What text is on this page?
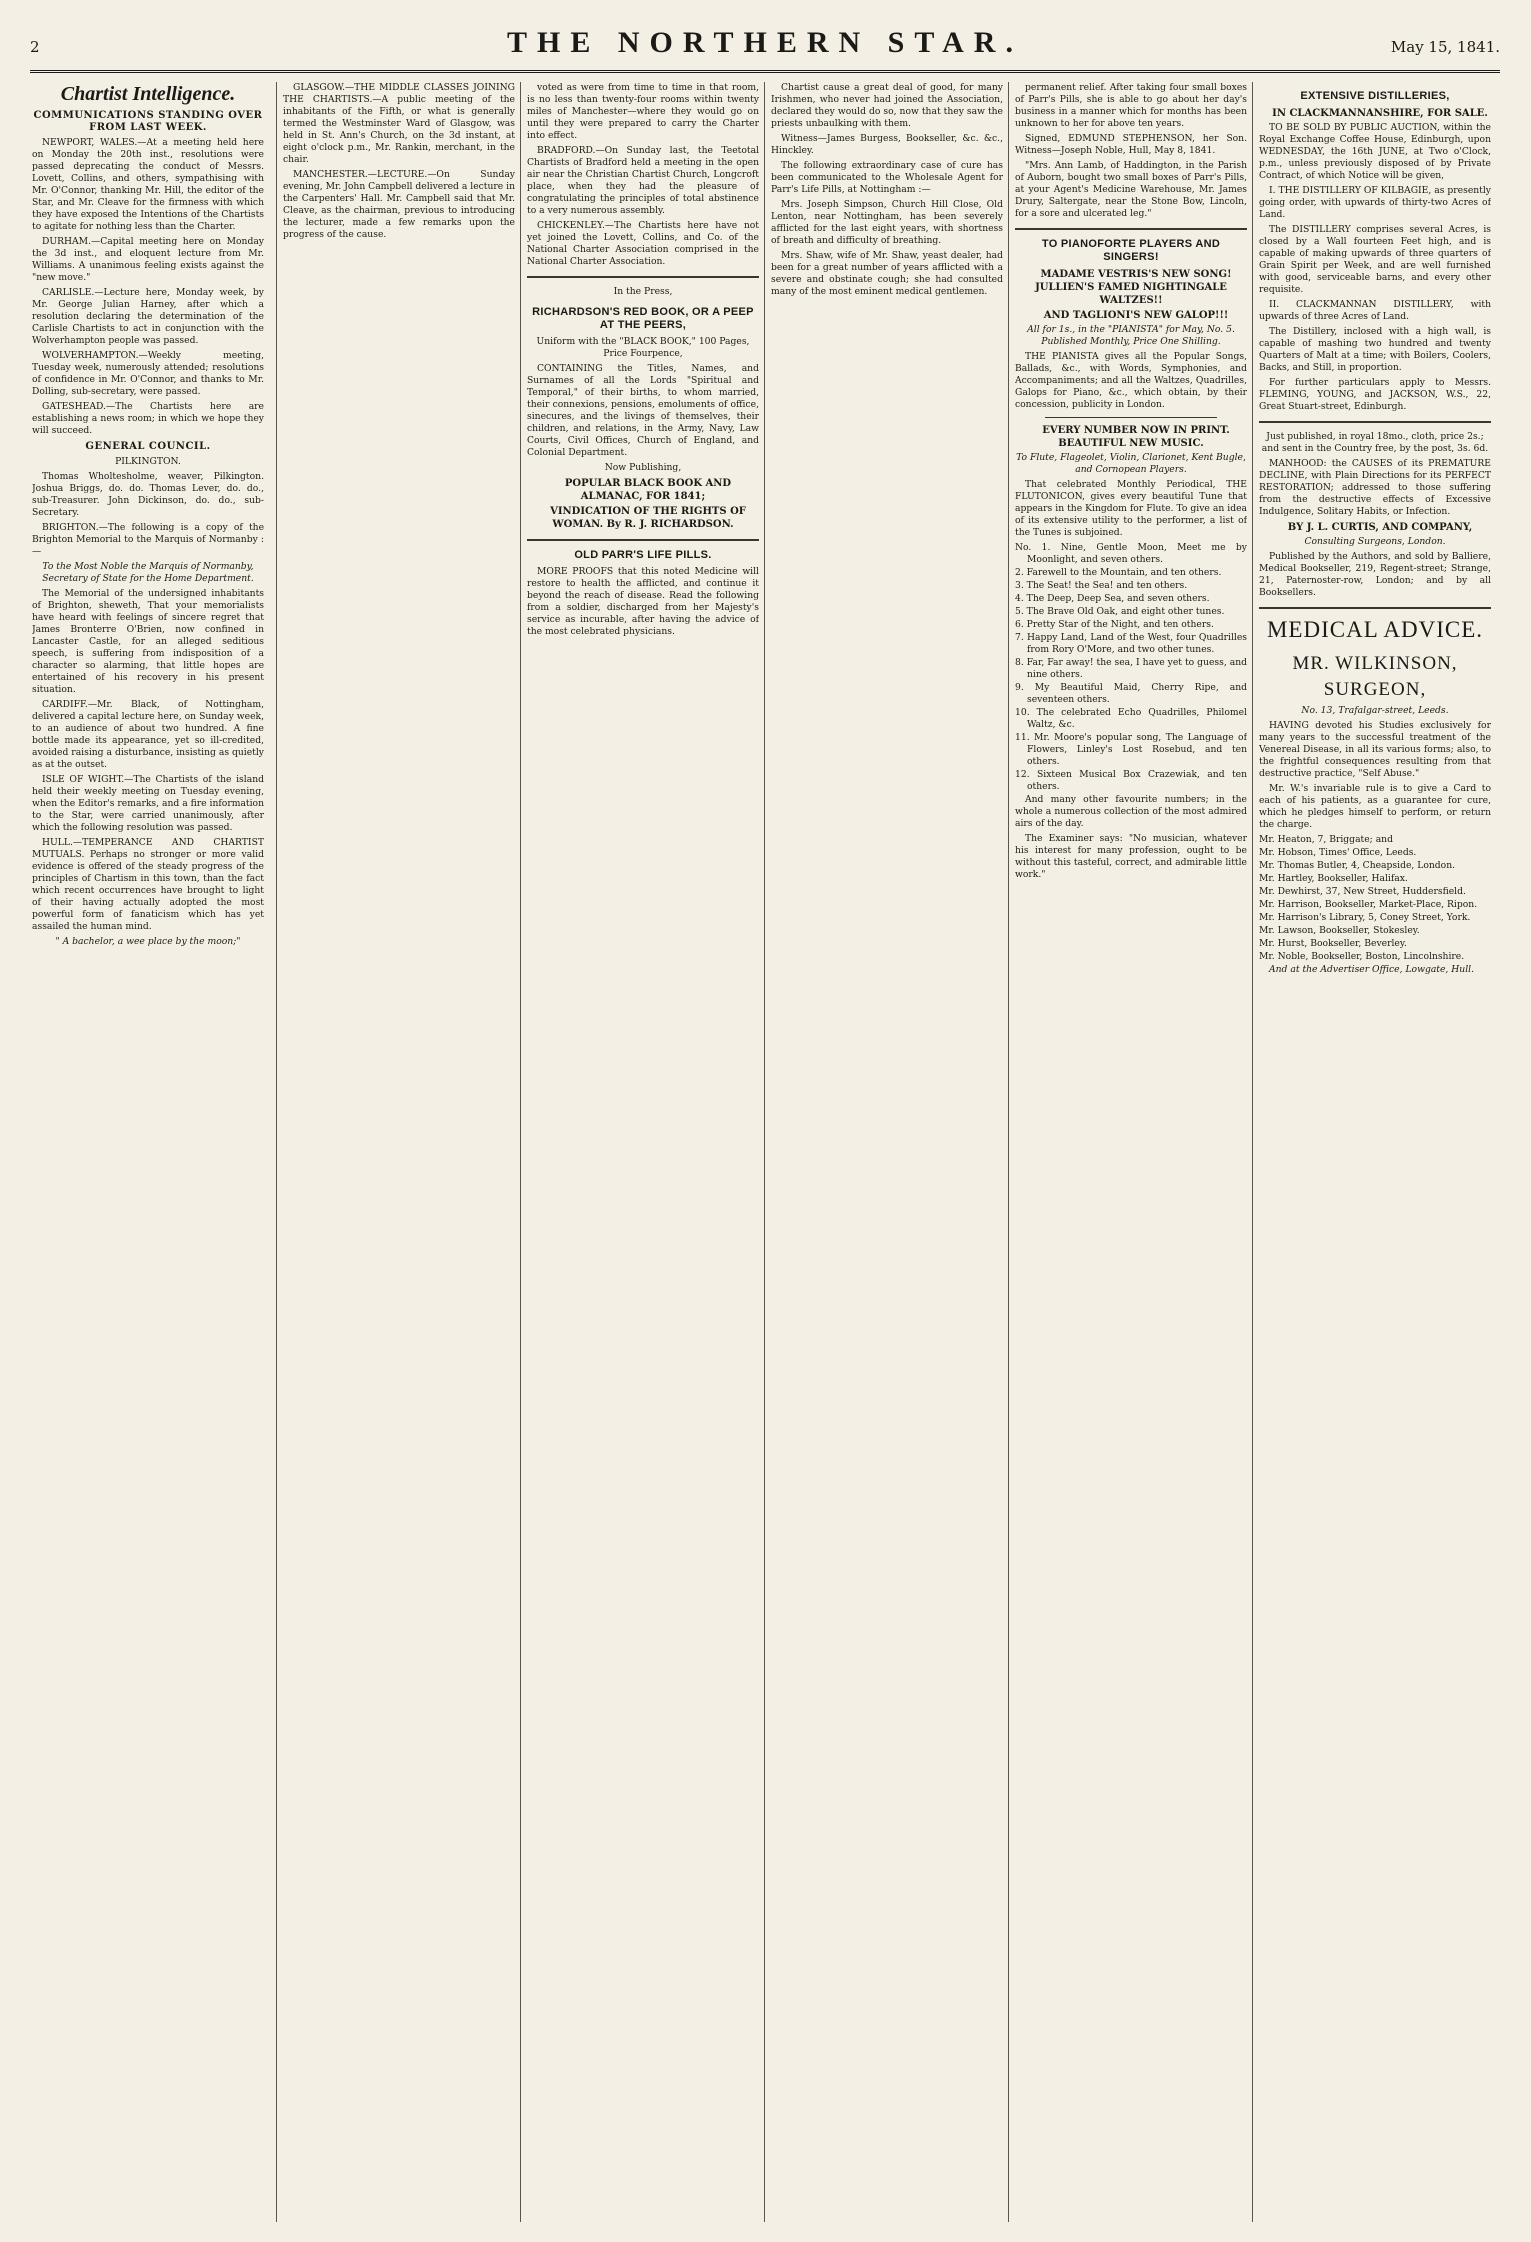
2	THE NORTHERN STAR.	May 15, 1841.
Chartist Intelligence.
COMMUNICATIONS STANDING OVER FROM LAST WEEK.

NEWPORT, WALES.—At a meeting held here on Monday the 20th inst., resolutions were passed deprecating the conduct of Messrs. Lovett, Collins, and others, sympathising with Mr. O'Connor, thanking Mr. Hill, the editor of the Star, and Mr. Cleave for the firmness with which they have exposed the Intentions of the Chartists to agitate for nothing less than the Charter.

DURHAM.—Capital meeting here on Monday the 3d inst., and eloquent lecture from Mr. Williams. A unanimous feeling exists against the "new move."

CARLISLE.—Lecture here, Monday week, by Mr. George Julian Harney, after which a resolution declaring the determination of the Carlisle Chartists to act in conjunction with the Wolverhampton people was passed.

WOLVERHAMPTON.—Weekly meeting, Tuesday week, numerously attended; resolutions of confidence in Mr. O'Connor, and thanks to Mr. Dolling, sub-secretary, were passed.

GATESHEAD.—The Chartists here are establishing a news room; in which we hope they will succeed.

GENERAL COUNCIL.

PILKINGTON.

Thomas Wholtesholme, weaver, Pilkington. Joshua Briggs, do. do. Thomas Lever, do. do., sub-Treasurer. John Dickinson, do. do., sub-Secretary.

BRIGHTON.—The following is a copy of the Brighton Memorial to the Marquis of Normanby :—

To the Most Noble the Marquis of Normanby, Secretary of State for the Home Department.

The Memorial of the undersigned inhabitants of Brighton, sheweth, That your memorialists have heard with feelings of sincere regret that James Bronterre O'Brien, now confined in Lancaster Castle, for an alleged seditious speech, is suffering from indisposition of a character so alarming, that little hopes are entertained of his recovery in his present situation.

CARDIFF.—Mr. Black, of Nottingham, delivered a capital lecture here, on Sunday week, to an audience of about two hundred. A fine bottle made its appearance, yet so ill-credited, avoided raising a disturbance, insisting as quietly as at the outset.

ISLE OF WIGHT.—The Chartists of the island held their weekly meeting on Tuesday evening, when the Editor's remarks, and a fire information to the Star, were carried unanimously, after which the following resolution was passed.

HULL.—TEMPERANCE AND CHARTIST MUTUALS. Perhaps no stronger or more valid evidence is offered of the steady progress of the principles of Chartism in this town, than the fact which recent occurrences have brought to light of their having actually adopted the most powerful form of fanaticism which has yet assailed the human mind.

" A bachelor, a wee place by the moon;"

GLASGOW.—THE MIDDLE CLASSES JOINING THE CHARTISTS.—A public meeting of the inhabitants of the Fifth, or what is generally termed the Westminster Ward of Glasgow, was held in St. Ann's Church, on the 3d instant, at eight o'clock p.m., Mr. Rankin, merchant, in the chair.

MANCHESTER.—LECTURE.—On Sunday evening, Mr. John Campbell delivered a lecture in the Carpenters' Hall. Mr. Campbell said that Mr. Cleave, as the chairman, previous to introducing the lecturer, made a few remarks upon the progress of the cause.

voted as were from time to time in that room, is no less than twenty-four rooms within twenty miles of Manchester—where they would go on until they were prepared to carry the Charter into effect.

BRADFORD.—On Sunday last, the Teetotal Chartists of Bradford held a meeting in the open air near the Christian Chartist Church, Longcroft place, when they had the pleasure of congratulating the principles of total abstinence to a very numerous assembly.

CHICKENLEY.—The Chartists here have not yet joined the Lovett, Collins, and Co. of the National Charter Association comprised in the National Charter Association.

In the Press,

RICHARDSON'S RED BOOK, OR A PEEP AT THE PEERS,

Uniform with the "BLACK BOOK," 100 Pages, Price Fourpence,

CONTAINING the Titles, Names, and Surnames of all the Lords "Spiritual and Temporal," of their births, to whom married, their connexions, pensions, emoluments of office, sinecures, and the livings of themselves, their children, and relations, in the Army, Navy, Law Courts, Civil Offices, Church of England, and Colonial Department.

Now Publishing,

POPULAR BLACK BOOK AND ALMANAC, FOR 1841;

VINDICATION OF THE RIGHTS OF WOMAN. By R. J. RICHARDSON.

OLD PARR'S LIFE PILLS.

MORE PROOFS that this noted Medicine will restore to health the afflicted, and continue it beyond the reach of disease. Read the following from a soldier, discharged from her Majesty's service as incurable, after having the advice of the most celebrated physicians.

Chartist cause a great deal of good, for many Irishmen, who never had joined the Association, declared they would do so, now that they saw the priests unbaulking with them.

Witness—James Burgess, Bookseller, &c. &c., Hinckley.

The following extraordinary case of cure has been communicated to the Wholesale Agent for Parr's Life Pills, at Nottingham :—

Mrs. Joseph Simpson, Church Hill Close, Old Lenton, near Nottingham, has been severely afflicted for the last eight years, with shortness of breath and difficulty of breathing.

Mrs. Shaw, wife of Mr. Shaw, yeast dealer, had been for a great number of years afflicted with a severe and obstinate cough; she had consulted many of the most eminent medical gentlemen.

permanent relief. After taking four small boxes of Parr's Pills, she is able to go about her day's business in a manner which for months has been unknown to her for above ten years.

Signed, EDMUND STEPHENSON, her Son. Witness—Joseph Noble, Hull, May 8, 1841.

"Mrs. Ann Lamb, of Haddington, in the Parish of Auborn, bought two small boxes of Parr's Pills, at your Agent's Medicine Warehouse, Mr. James Drury, Saltergate, near the Stone Bow, Lincoln, for a sore and ulcerated leg."

TO PIANOFORTE PLAYERS AND SINGERS!

MADAME VESTRIS'S NEW SONG! JULLIEN'S FAMED NIGHTINGALE WALTZES!!

AND TAGLIONI'S NEW GALOP!!!

All for 1s., in the "PIANISTA" for May, No. 5. Published Monthly, Price One Shilling.

THE PIANISTA gives all the Popular Songs, Ballads, &c., with Words, Symphonies, and Accompaniments; and all the Waltzes, Quadrilles, Galops for Piano, &c., which obtain, by their concession, publicity in London.

EVERY NUMBER NOW IN PRINT. BEAUTIFUL NEW MUSIC.

To Flute, Flageolet, Violin, Clarionet, Kent Bugle, and Cornopean Players.

That celebrated Monthly Periodical, THE FLUTONICON, gives every beautiful Tune that appears in the Kingdom for Flute. To give an idea of its extensive utility to the performer, a list of the Tunes is subjoined.

No. 1. Nine, Gentle Moon, Meet me by Moonlight, and seven others.
2. Farewell to the Mountain, and ten others.
3. The Seat! the Sea! and ten others.
4. The Deep, Deep Sea, and seven others.
5. The Brave Old Oak, and eight other tunes.
6. Pretty Star of the Night, and ten others.
7. Happy Land, Land of the West, four Quadrilles from Rory O'More, and two other tunes.
8. Far, Far away! the sea, I have yet to guess, and nine others.
9. My Beautiful Maid, Cherry Ripe, and seventeen others.
10. The celebrated Echo Quadrilles, Philomel Waltz, &c.
11. Mr. Moore's popular song, The Language of Flowers, Linley's Lost Rosebud, and ten others.
12. Sixteen Musical Box Crazewiak, and ten others.

And many other favourite numbers; in the whole a numerous collection of the most admired airs of the day.

The Examiner says: "No musician, whatever his interest for many profession, ought to be without this tasteful, correct, and admirable little work."

EXTENSIVE DISTILLERIES,

IN CLACKMANNANSHIRE, FOR SALE.

TO BE SOLD BY PUBLIC AUCTION, within the Royal Exchange Coffee House, Edinburgh, upon WEDNESDAY, the 16th JUNE, at Two o'Clock, p.m., unless previously disposed of by Private Contract, of which Notice will be given,

I. THE DISTILLERY OF KILBAGIE, as presently going order, with upwards of thirty-two Acres of Land.

The DISTILLERY comprises several Acres, is closed by a Wall fourteen Feet high, and is capable of making upwards of three quarters of Grain Spirit per Week, and are well furnished with good, serviceable barns, and every other requisite.

II. CLACKMANNAN DISTILLERY, with upwards of three Acres of Land.

The Distillery, inclosed with a high wall, is capable of mashing two hundred and twenty Quarters of Malt at a time; with Boilers, Coolers, Backs, and Still, in proportion.

For further particulars apply to Messrs. FLEMING, YOUNG, and JACKSON, W.S., 22, Great Stuart-street, Edinburgh.

Just published, in royal 18mo., cloth, price 2s.; and sent in the Country free, by the post, 3s. 6d.

MANHOOD: the CAUSES of its PREMATURE DECLINE, with Plain Directions for its PERFECT RESTORATION; addressed to those suffering from the destructive effects of Excessive Indulgence, Solitary Habits, or Infection.

BY J. L. CURTIS, AND COMPANY,

Consulting Surgeons, London.

Published by the Authors, and sold by Balliere, Medical Bookseller, 219, Regent-street; Strange, 21, Paternoster-row, London; and by all Booksellers.

MEDICAL ADVICE.
MR. WILKINSON, SURGEON,

No. 13, Trafalgar-street, Leeds.

HAVING devoted his Studies exclusively for many years to the successful treatment of the Venereal Disease, in all its various forms; also, to the frightful consequences resulting from that destructive practice, "Self Abuse."

Mr. W.'s invariable rule is to give a Card to each of his patients, as a guarantee for cure, which he pledges himself to perform, or return the charge.

Mr. Heaton, 7, Briggate; and
Mr. Hobson, Times' Office, Leeds.
Mr. Thomas Butler, 4, Cheapside, London.
Mr. Hartley, Bookseller, Halifax.
Mr. Dewhirst, 37, New Street, Huddersfield.
Mr. Harrison, Bookseller, Market-Place, Ripon.
Mr. Harrison's Library, 5, Coney Street, York.
Mr. Lawson, Bookseller, Stokesley.
Mr. Hurst, Bookseller, Beverley.
Mr. Noble, Bookseller, Boston, Lincolnshire.

And at the Advertiser Office, Lowgate, Hull.
